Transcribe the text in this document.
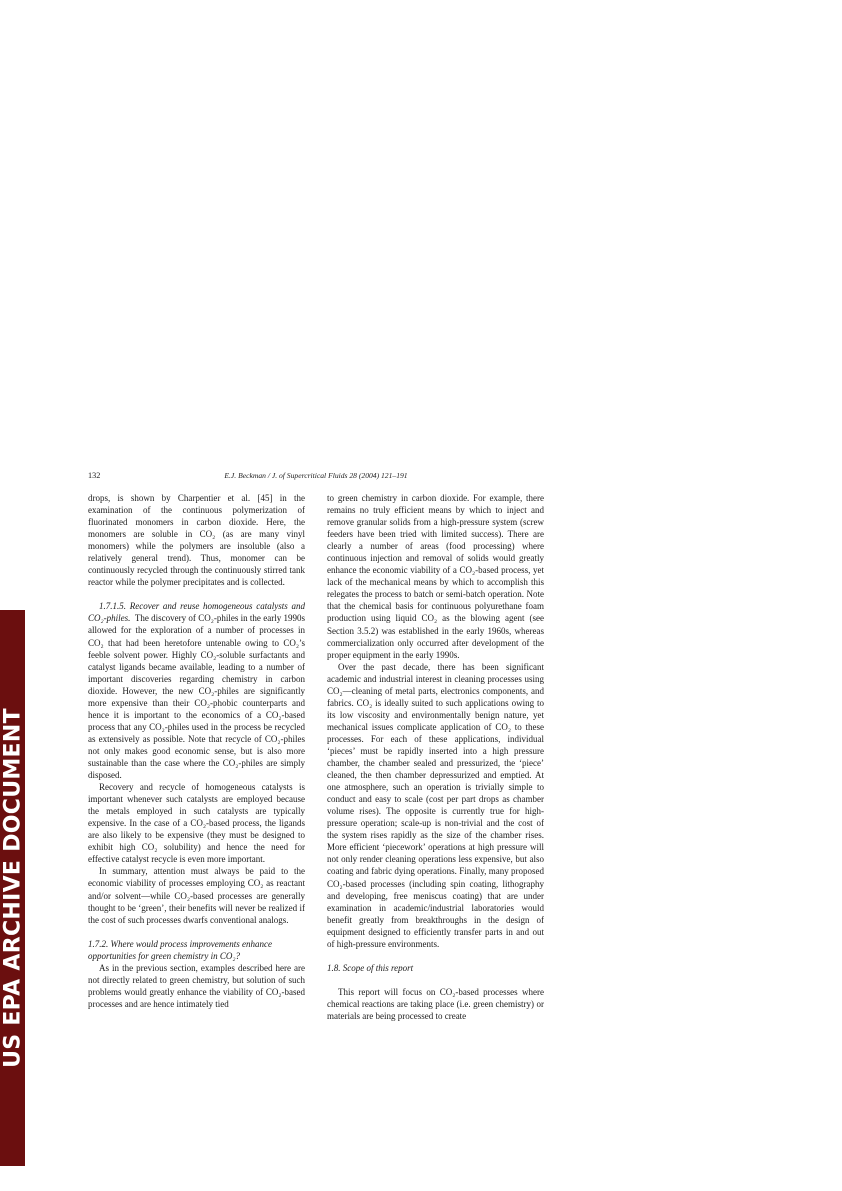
US EPA ARCHIVE DOCUMENT
132	E.J. Beckman / J. of Supercritical Fluids 28 (2004) 121–191

drops, is shown by Charpentier et al. [45] in the examination of the continuous polymerization of fluorinated monomers in carbon dioxide. Here, the monomers are soluble in CO₂ (as are many vinyl monomers) while the polymers are insoluble (also a relatively general trend). Thus, monomer can be continuously recycled through the continuously stirred tank reactor while the polymer precipitates and is collected.

1.7.1.5. Recover and reuse homogeneous catalysts and CO₂-philes. The discovery of CO₂-philes in the early 1990s allowed for the exploration of a number of processes in CO₂ that had been heretofore untenable owing to CO₂’s feeble solvent power. Highly CO₂-soluble surfactants and catalyst ligands became available, leading to a number of important discoveries regarding chemistry in carbon dioxide. However, the new CO₂-philes are significantly more expensive than their CO₂-phobic counterparts and hence it is important to the economics of a CO₂-based process that any CO₂-philes used in the process be recycled as extensively as possible. Note that recycle of CO₂-philes not only makes good economic sense, but is also more sustainable than the case where the CO₂-philes are simply disposed.

Recovery and recycle of homogeneous catalysts is important whenever such catalysts are employed because the metals employed in such catalysts are typically expensive. In the case of a CO₂-based process, the ligands are also likely to be expensive (they must be designed to exhibit high CO₂ solubility) and hence the need for effective catalyst recycle is even more important.

In summary, attention must always be paid to the economic viability of processes employing CO₂ as reactant and/or solvent—while CO₂-based processes are generally thought to be ‘green’, their benefits will never be realized if the cost of such processes dwarfs conventional analogs.

1.7.2. Where would process improvements enhance opportunities for green chemistry in CO₂?

As in the previous section, examples described here are not directly related to green chemistry, but solution of such problems would greatly enhance the viability of CO₂-based processes and are hence intimately tied

to green chemistry in carbon dioxide. For example, there remains no truly efficient means by which to inject and remove granular solids from a high-pressure system (screw feeders have been tried with limited success). There are clearly a number of areas (food processing) where continuous injection and removal of solids would greatly enhance the economic viability of a CO₂-based process, yet lack of the mechanical means by which to accomplish this relegates the process to batch or semi-batch operation. Note that the chemical basis for continuous polyurethane foam production using liquid CO₂ as the blowing agent (see Section 3.5.2) was established in the early 1960s, whereas commercialization only occurred after development of the proper equipment in the early 1990s.

Over the past decade, there has been significant academic and industrial interest in cleaning processes using CO₂—cleaning of metal parts, electronics components, and fabrics. CO₂ is ideally suited to such applications owing to its low viscosity and environmentally benign nature, yet mechanical issues complicate application of CO₂ to these processes. For each of these applications, individual ‘pieces’ must be rapidly inserted into a high pressure chamber, the chamber sealed and pressurized, the ‘piece’ cleaned, the then chamber depressurized and emptied. At one atmosphere, such an operation is trivially simple to conduct and easy to scale (cost per part drops as chamber volume rises). The opposite is currently true for high-pressure operation; scale-up is non-trivial and the cost of the system rises rapidly as the size of the chamber rises. More efficient ‘piecework’ operations at high pressure will not only render cleaning operations less expensive, but also coating and fabric dying operations. Finally, many proposed CO₂-based processes (including spin coating, lithography and developing, free meniscus coating) that are under examination in academic/industrial laboratories would benefit greatly from breakthroughs in the design of equipment designed to efficiently transfer parts in and out of high-pressure environments.

1.8. Scope of this report

This report will focus on CO₂-based processes where chemical reactions are taking place (i.e. green chemistry) or materials are being processed to create
